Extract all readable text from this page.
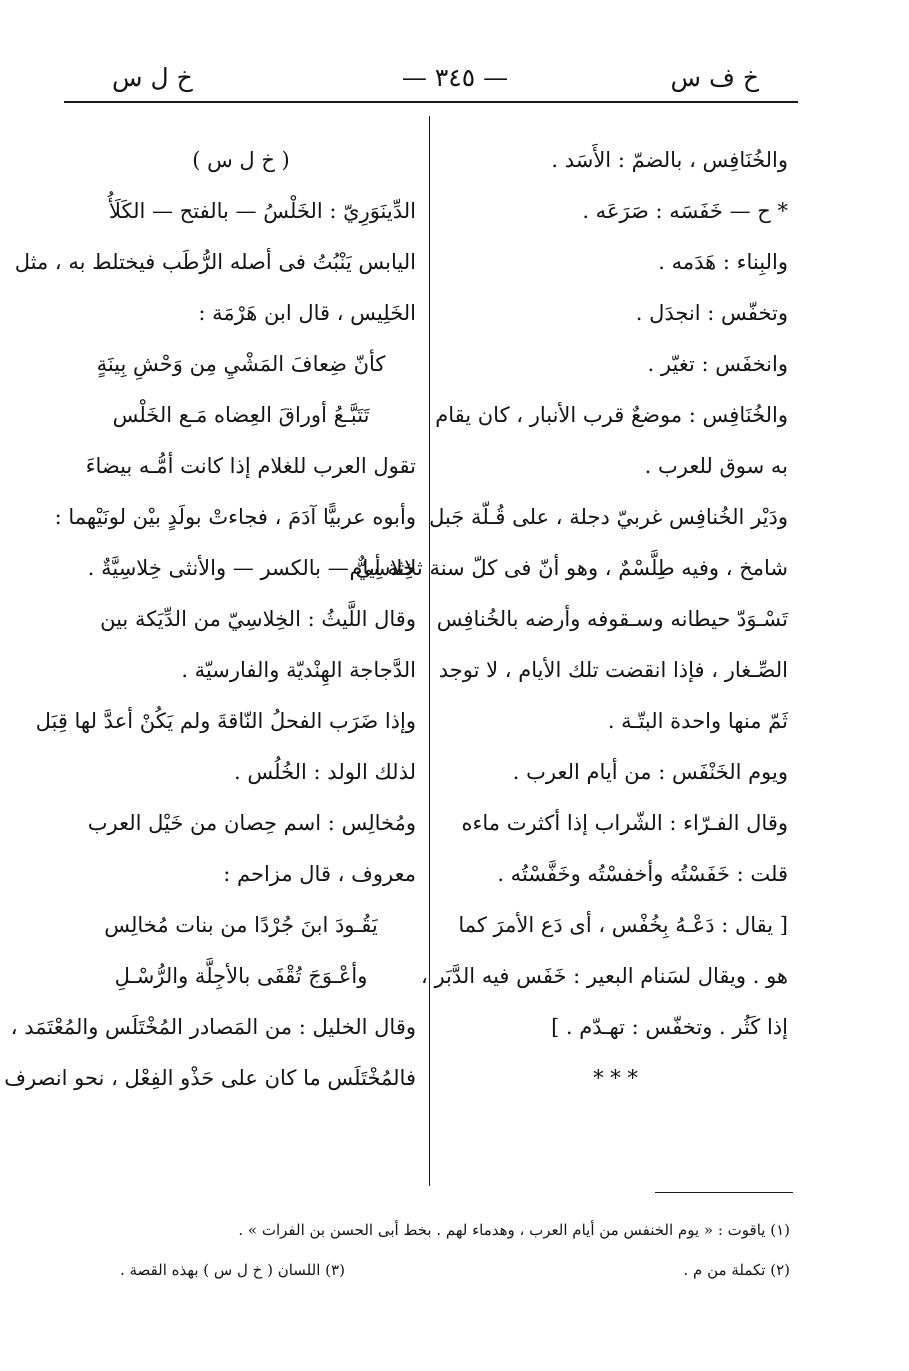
خ ف س
— ٣٤٥ —
خ ل س
والخُنَافِس ، بالضمّ : الأَسَد .
* ح — خَفَسَه : صَرَعَه .
والبِناء : هَدَمه .
وتخفّس : انجدَل .
وانخفَس : تغيّر .
والخُنَافِس : موضعٌ قرب الأنبار ، كان يقام
به سوق للعرب .
ودَيْر الخُنافِس غربيّ دجلة ، على قُـلّة جَبل
شامخ ، وفيه طِلَّسْمٌ ، وهو أنّ فى كلّ سنة ثلاثة أيام
تَسْـوَدّ حيطانه وسـقوفه وأرضه بالخُنافِس
الصِّـغار ، فإذا انقضت تلك الأيام ، لا توجد
ثَمّ منها واحدة البتّـة .
ويوم الخَنْفَس : من أيام العرب .
وقال الفـرّاء : الشّراب إذا أكثرت ماءه
قلت : خَفَسْتُه وأخفسْتُه وخَفَّسْتُه .
[ يقال : دَعْـهُ بِخُفْس ، أى دَع الأمرَ كما
هو . ويقال لسَنام البعير : خَفَس فيه الدَّبَر ،
إذا كَثُر . وتخفّس : تهـدّم . ]
* * *
( خ ل س )
الدِّينَوَرِيّ : الخَلْسُ — بالفتح — الكَلَأُ
اليابس يَنْبُتُ فى أصله الرُّطَب فيختلط به ، مثل
الخَلِيس ، قال ابن هَرْمَة :
كأنّ ضِعافَ المَشْيِ مِن وَحْشِ بِينَةٍ
تَتَبَّـعُ أوراقَ العِضاه مَـع الخَلْس
تقول العرب للغلام إذا كانت أمُّـه بيضاءَ
وأبوه عربيًّا آدَمَ ، فجاءتْ بولَدٍ بيْن لونَيْهما :
خِلاسِيٌّ — بالكسر — والأنثى خِلاسِيَّةٌ .
وقال اللَّيثُ : الخِلاسِيّ من الدِّيَكة بين
الدَّجاجة الهِنْديّة والفارسيّة .
وإذا ضَرَب الفحلُ النّاقةَ ولم يَكُنْ أعدَّ لها قِبَل
لذلك الولد : الخُلُس .
ومُخالِس : اسم حِصان من خَيْل العرب
معروف ، قال مزاحم :
يَقُـودَ ابنَ جُرْدًا من بنات مُخالِس
وأعْـوَجَ تُقْفَى بالأجِلَّة والرُّسْـلِ
وقال الخليل : من المَصادر المُخْتَلَس والمُعْتَمَد ،
فالمُخْتَلَس ما كان على حَذْو الفِعْل ، نحو انصرف
(١) ياقوت : « يوم الخنفس من أيام العرب ، وهدماء لهم . بخط أبى الحسن بن الفرات » .
(٢) تكملة من م .
(٣) اللسان ( خ ل س ) بهذه القصة .
